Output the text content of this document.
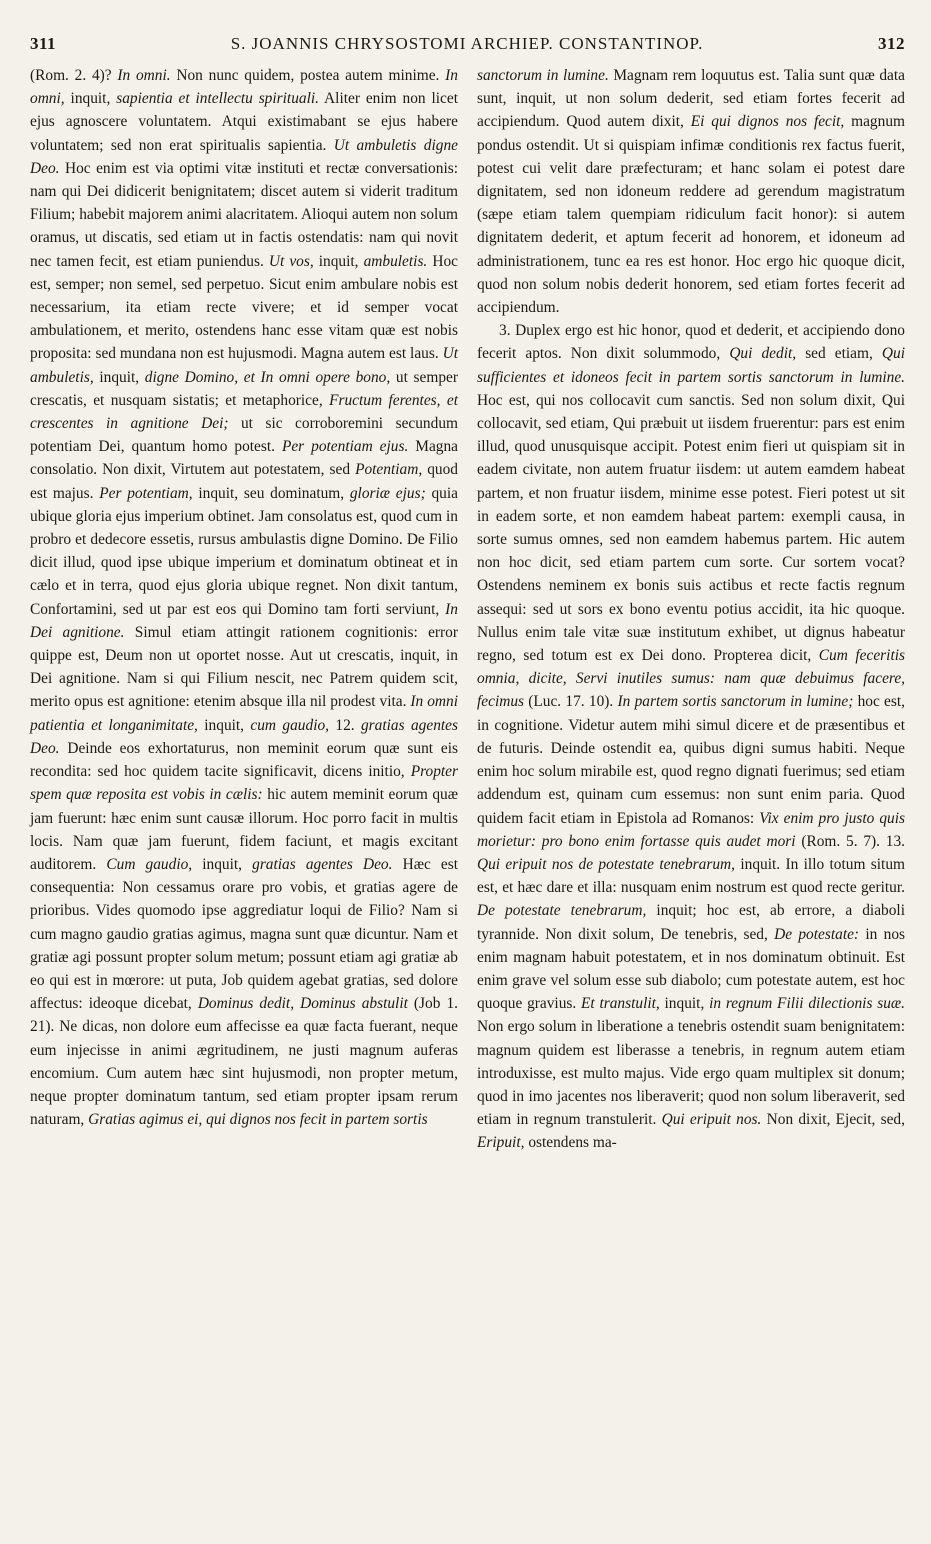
311	S. JOANNIS CHRYSOSTOMI ARCHIEP. CONSTANTINOP.	312

(Rom. 2. 4)? In omni. Non nunc quidem, postea autem minime. In omni, inquit, sapientia et intellectu spirituali. Aliter enim non licet ejus agnoscere voluntatem. Atqui existimabant se ejus habere voluntatem; sed non erat spiritualis sapientia. Ut ambuletis digne Deo. Hoc enim est via optimi vitæ instituti et rectæ conversationis: nam qui Dei didicerit benignitatem; discet autem si viderit traditum Filium; habebit majorem animi alacritatem. Alioqui autem non solum oramus, ut discatis, sed etiam ut in factis ostendatis: nam qui novit nec tamen fecit, est etiam puniendus. Ut vos, inquit, ambuletis. Hoc est, semper; non semel, sed perpetuo. Sicut enim ambulare nobis est necessarium, ita etiam recte vivere; et id semper vocat ambulationem, et merito, ostendens hanc esse vitam quæ est nobis proposita: sed mundana non est hujusmodi. Magna autem est laus. Ut ambuletis, inquit, digne Domino, et In omni opere bono, ut semper crescatis, et nusquam sistatis; et metaphorice, Fructum ferentes, et crescentes in agnitione Dei; ut sic corroboremini secundum potentiam Dei, quantum homo potest. Per potentiam ejus. Magna consolatio. Non dixit, Virtutem aut potestatem, sed Potentiam, quod est majus. Per potentiam, inquit, seu dominatum, gloriæ ejus; quia ubique gloria ejus imperium obtinet. Jam consolatus est, quod cum in probro et dedecore essetis, rursus ambulastis digne Domino. De Filio dicit illud, quod ipse ubique imperium et dominatum obtineat et in cælo et in terra, quod ejus gloria ubique regnet. Non dixit tantum, Confortamini, sed ut par est eos qui Domino tam forti serviunt, In Dei agnitione. Simul etiam attingit rationem cognitionis: error quippe est, Deum non ut oportet nosse. Aut ut crescatis, inquit, in Dei agnitione. Nam si qui Filium nescit, nec Patrem quidem scit, merito opus est agnitione: etenim absque illa nil prodest vita. In omni patientia et longanimitate, inquit, cum gaudio, 12. gratias agentes Deo. Deinde eos exhortaturus, non meminit eorum quæ sunt eis recondita: sed hoc quidem tacite significavit, dicens initio, Propter spem quæ reposita est vobis in cælis: hic autem meminit eorum quæ jam fuerunt: hæc enim sunt causæ illorum. Hoc porro facit in multis locis. Nam quæ jam fuerunt, fidem faciunt, et magis excitant auditorem. Cum gaudio, inquit, gratias agentes Deo. Hæc est consequentia: Non cessamus orare pro vobis, et gratias agere de prioribus. Vides quomodo ipse aggrediatur loqui de Filio? Nam si cum magno gaudio gratias agimus, magna sunt quæ dicuntur. Nam et gratiæ agi possunt propter solum metum; possunt etiam agi gratiæ ab eo qui est in mœrore: ut puta, Job quidem agebat gratias, sed dolore affectus: ideoque dicebat, Dominus dedit, Dominus abstulit (Job 1. 21). Ne dicas, non dolore eum affecisse ea quæ facta fuerant, neque eum injecisse in animi ægritudinem, ne justi magnum auferas encomium. Cum autem hæc sint hujusmodi, non propter metum, neque propter dominatum tantum, sed etiam propter ipsam rerum naturam, Gratias agimus ei, qui dignos nos fecit in partem sortis

sanctorum in lumine. Magnam rem loquutus est. Talia sunt quæ data sunt, inquit, ut non solum dederit, sed etiam fortes fecerit ad accipiendum. Quod autem dixit, Ei qui dignos nos fecit, magnum pondus ostendit. Ut si quispiam infimæ conditionis rex factus fuerit, potest cui velit dare præfecturam; et hanc solam ei potest dare dignitatem, sed non idoneum reddere ad gerendum magistratum (sæpe etiam talem quempiam ridiculum facit honor): si autem dignitatem dederit, et aptum fecerit ad honorem, et idoneum ad administrationem, tunc ea res est honor. Hoc ergo hic quoque dicit, quod non solum nobis dederit honorem, sed etiam fortes fecerit ad accipiendum.

3. Duplex ergo est hic honor, quod et dederit, et accipiendo dono fecerit aptos. Non dixit solummodo, Qui dedit, sed etiam, Qui sufficientes et idoneos fecit in partem sortis sanctorum in lumine. Hoc est, qui nos collocavit cum sanctis. Sed non solum dixit, Qui collocavit, sed etiam, Qui præbuit ut iisdem fruerentur: pars est enim illud, quod unusquisque accipit. Potest enim fieri ut quispiam sit in eadem civitate, non autem fruatur iisdem: ut autem eamdem habeat partem, et non fruatur iisdem, minime esse potest. Fieri potest ut sit in eadem sorte, et non eamdem habeat partem: exempli causa, in sorte sumus omnes, sed non eamdem habemus partem. Hic autem non hoc dicit, sed etiam partem cum sorte. Cur sortem vocat? Ostendens neminem ex bonis suis actibus et recte factis regnum assequi: sed ut sors ex bono eventu potius accidit, ita hic quoque. Nullus enim tale vitæ suæ institutum exhibet, ut dignus habeatur regno, sed totum est ex Dei dono. Propterea dicit, Cum feceritis omnia, dicite, Servi inutiles sumus: nam quæ debuimus facere, fecimus (Luc. 17. 10). In partem sortis sanctorum in lumine; hoc est, in cognitione. Videtur autem mihi simul dicere et de præsentibus et de futuris. Deinde ostendit ea, quibus digni sumus habiti. Neque enim hoc solum mirabile est, quod regno dignati fuerimus; sed etiam addendum est, quinam cum essemus: non sunt enim paria. Quod quidem facit etiam in Epistola ad Romanos: Vix enim pro justo quis morietur: pro bono enim fortasse quis audet mori (Rom. 5. 7). 13. Qui eripuit nos de potestate tenebrarum, inquit. In illo totum situm est, et hæc dare et illa: nusquam enim nostrum est quod recte geritur. De potestate tenebrarum, inquit; hoc est, ab errore, a diaboli tyrannide. Non dixit solum, De tenebris, sed, De potestate: in nos enim magnam habuit potestatem, et in nos dominatum obtinuit. Est enim grave vel solum esse sub diabolo; cum potestate autem, est hoc quoque gravius. Et transtulit, inquit, in regnum Filii dilectionis suæ. Non ergo solum in liberatione a tenebris ostendit suam benignitatem: magnum quidem est liberasse a tenebris, in regnum autem etiam introduxisse, est multo majus. Vide ergo quam multiplex sit donum; quod in imo jacentes nos liberaverit; quod non solum liberaverit, sed etiam in regnum transtulerit. Qui eripuit nos. Non dixit, Ejecit, sed, Eripuit, ostendens ma-
